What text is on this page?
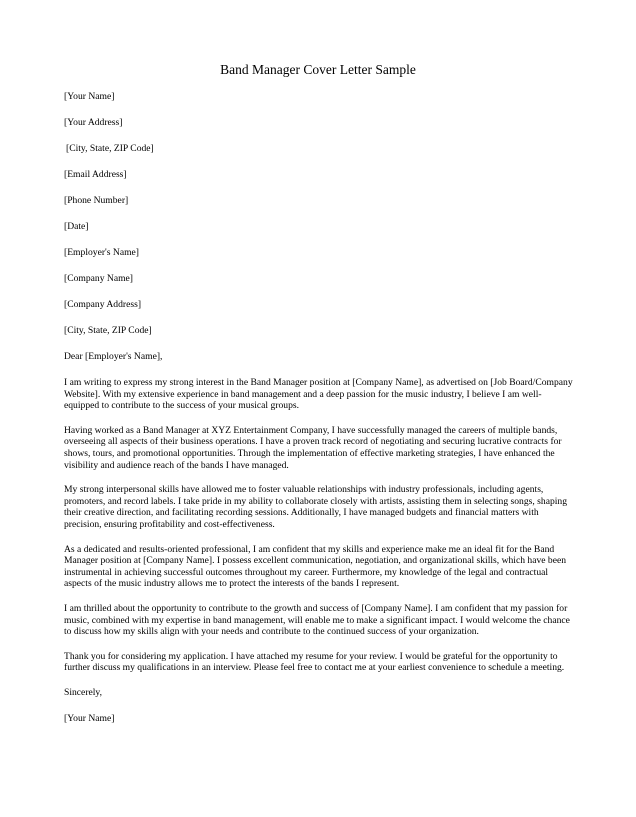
Band Manager Cover Letter Sample

[Your Name]

[Your Address]

[City, State, ZIP Code]

[Email Address]

[Phone Number]

[Date]

[Employer's Name]

[Company Name]

[Company Address]

[City, State, ZIP Code]

Dear [Employer's Name],

I am writing to express my strong interest in the Band Manager position at [Company Name], as advertised on [Job Board/Company Website]. With my extensive experience in band management and a deep passion for the music industry, I believe I am well-equipped to contribute to the success of your musical groups.

Having worked as a Band Manager at XYZ Entertainment Company, I have successfully managed the careers of multiple bands, overseeing all aspects of their business operations. I have a proven track record of negotiating and securing lucrative contracts for shows, tours, and promotional opportunities. Through the implementation of effective marketing strategies, I have enhanced the visibility and audience reach of the bands I have managed.

My strong interpersonal skills have allowed me to foster valuable relationships with industry professionals, including agents, promoters, and record labels. I take pride in my ability to collaborate closely with artists, assisting them in selecting songs, shaping their creative direction, and facilitating recording sessions. Additionally, I have managed budgets and financial matters with precision, ensuring profitability and cost-effectiveness.

As a dedicated and results-oriented professional, I am confident that my skills and experience make me an ideal fit for the Band Manager position at [Company Name]. I possess excellent communication, negotiation, and organizational skills, which have been instrumental in achieving successful outcomes throughout my career. Furthermore, my knowledge of the legal and contractual aspects of the music industry allows me to protect the interests of the bands I represent.

I am thrilled about the opportunity to contribute to the growth and success of [Company Name]. I am confident that my passion for music, combined with my expertise in band management, will enable me to make a significant impact. I would welcome the chance to discuss how my skills align with your needs and contribute to the continued success of your organization.

Thank you for considering my application. I have attached my resume for your review. I would be grateful for the opportunity to further discuss my qualifications in an interview. Please feel free to contact me at your earliest convenience to schedule a meeting.

Sincerely,

[Your Name]
